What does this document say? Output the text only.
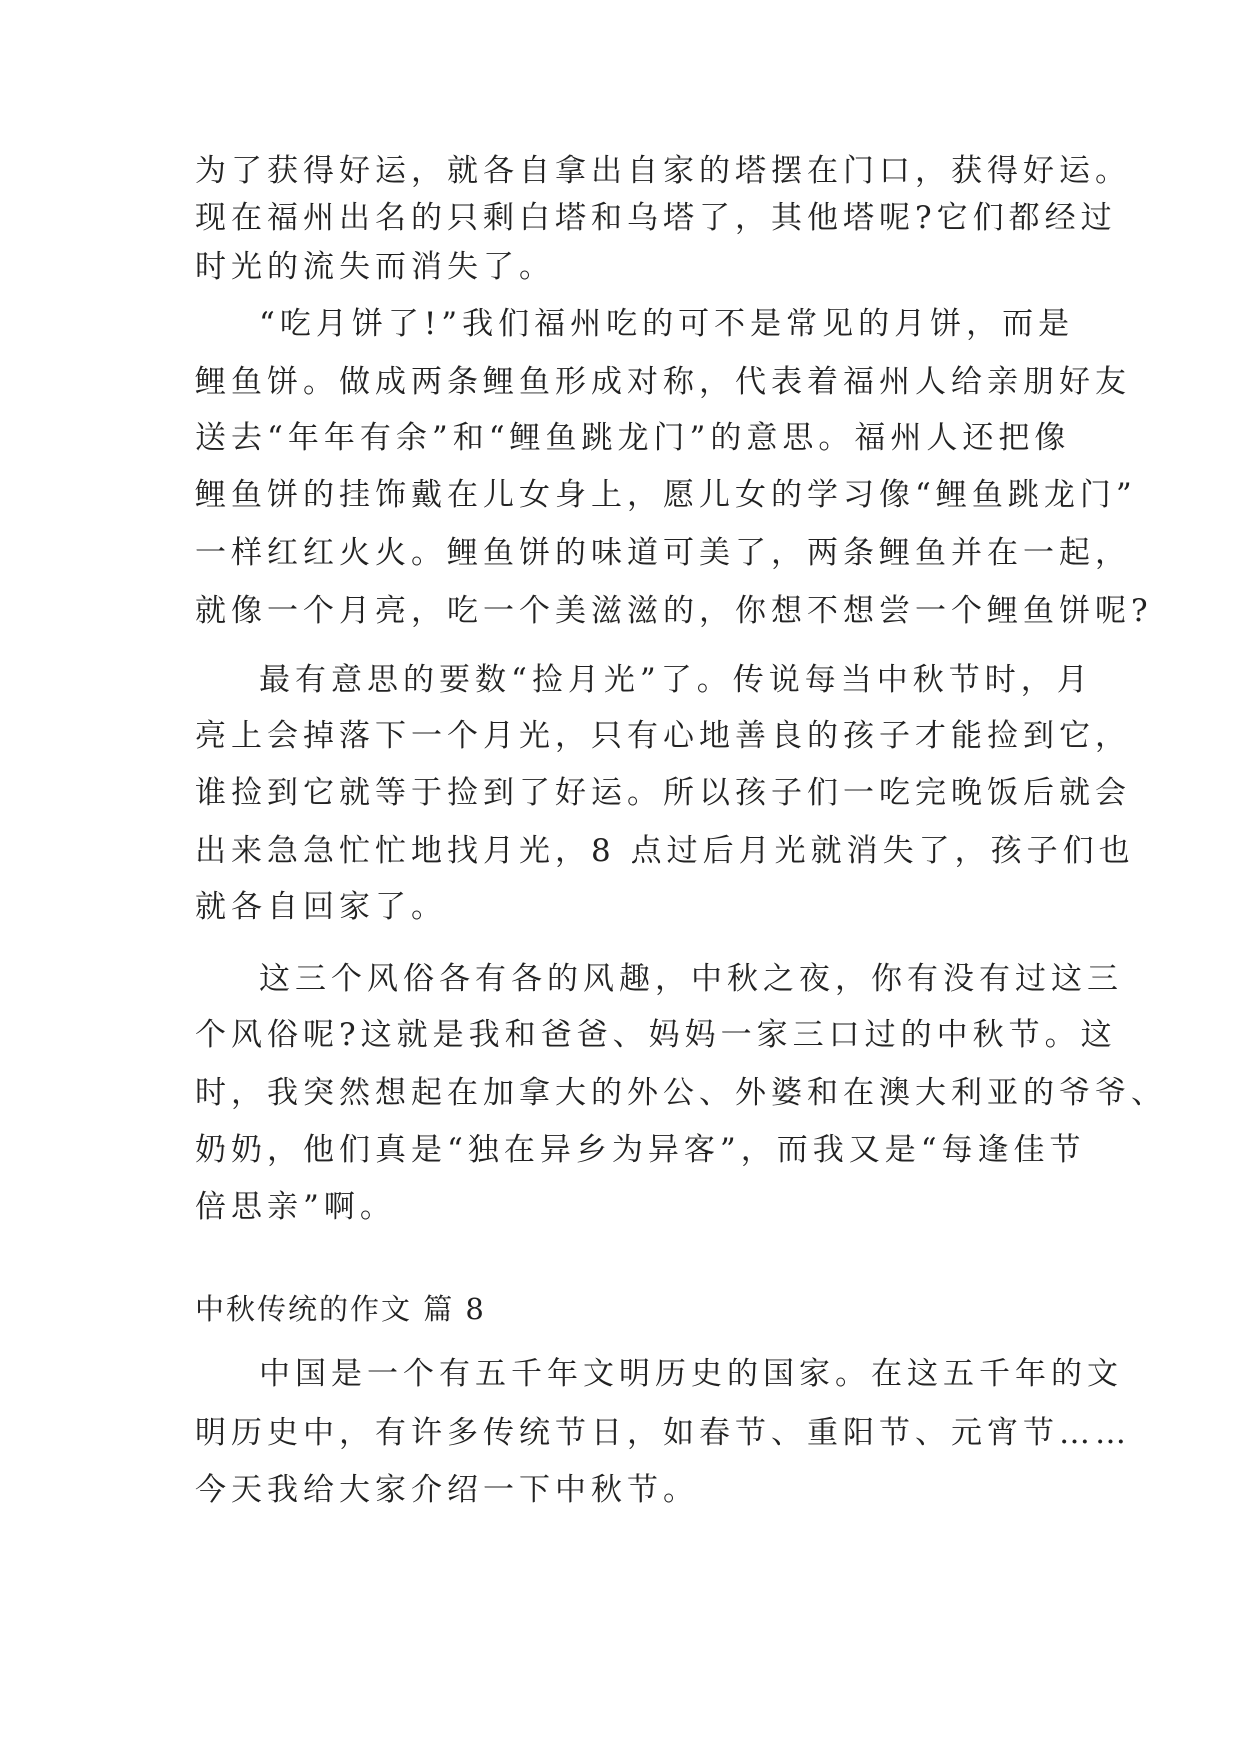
为了获得好运，就各自拿出自家的塔摆在门口，获得好运。
现在福州出名的只剩白塔和乌塔了，其他塔呢?它们都经过
时光的流失而消失了。
“吃月饼了!”我们福州吃的可不是常见的月饼，而是
鲤鱼饼。做成两条鲤鱼形成对称，代表着福州人给亲朋好友
送去“年年有余”和“鲤鱼跳龙门”的意思。福州人还把像
鲤鱼饼的挂饰戴在儿女身上，愿儿女的学习像“鲤鱼跳龙门”
一样红红火火。鲤鱼饼的味道可美了，两条鲤鱼并在一起，
就像一个月亮，吃一个美滋滋的，你想不想尝一个鲤鱼饼呢?
最有意思的要数“捡月光”了。传说每当中秋节时，月
亮上会掉落下一个月光，只有心地善良的孩子才能捡到它，
谁捡到它就等于捡到了好运。所以孩子们一吃完晚饭后就会
出来急急忙忙地找月光，8 点过后月光就消失了，孩子们也
就各自回家了。
这三个风俗各有各的风趣，中秋之夜，你有没有过这三
个风俗呢?这就是我和爸爸、妈妈一家三口过的中秋节。这
时，我突然想起在加拿大的外公、外婆和在澳大利亚的爷爷、
奶奶，他们真是“独在异乡为异客”，而我又是“每逢佳节
倍思亲”啊。
中秋传统的作文 篇 8
中国是一个有五千年文明历史的国家。在这五千年的文
明历史中，有许多传统节日，如春节、重阳节、元宵节……
今天我给大家介绍一下中秋节。
